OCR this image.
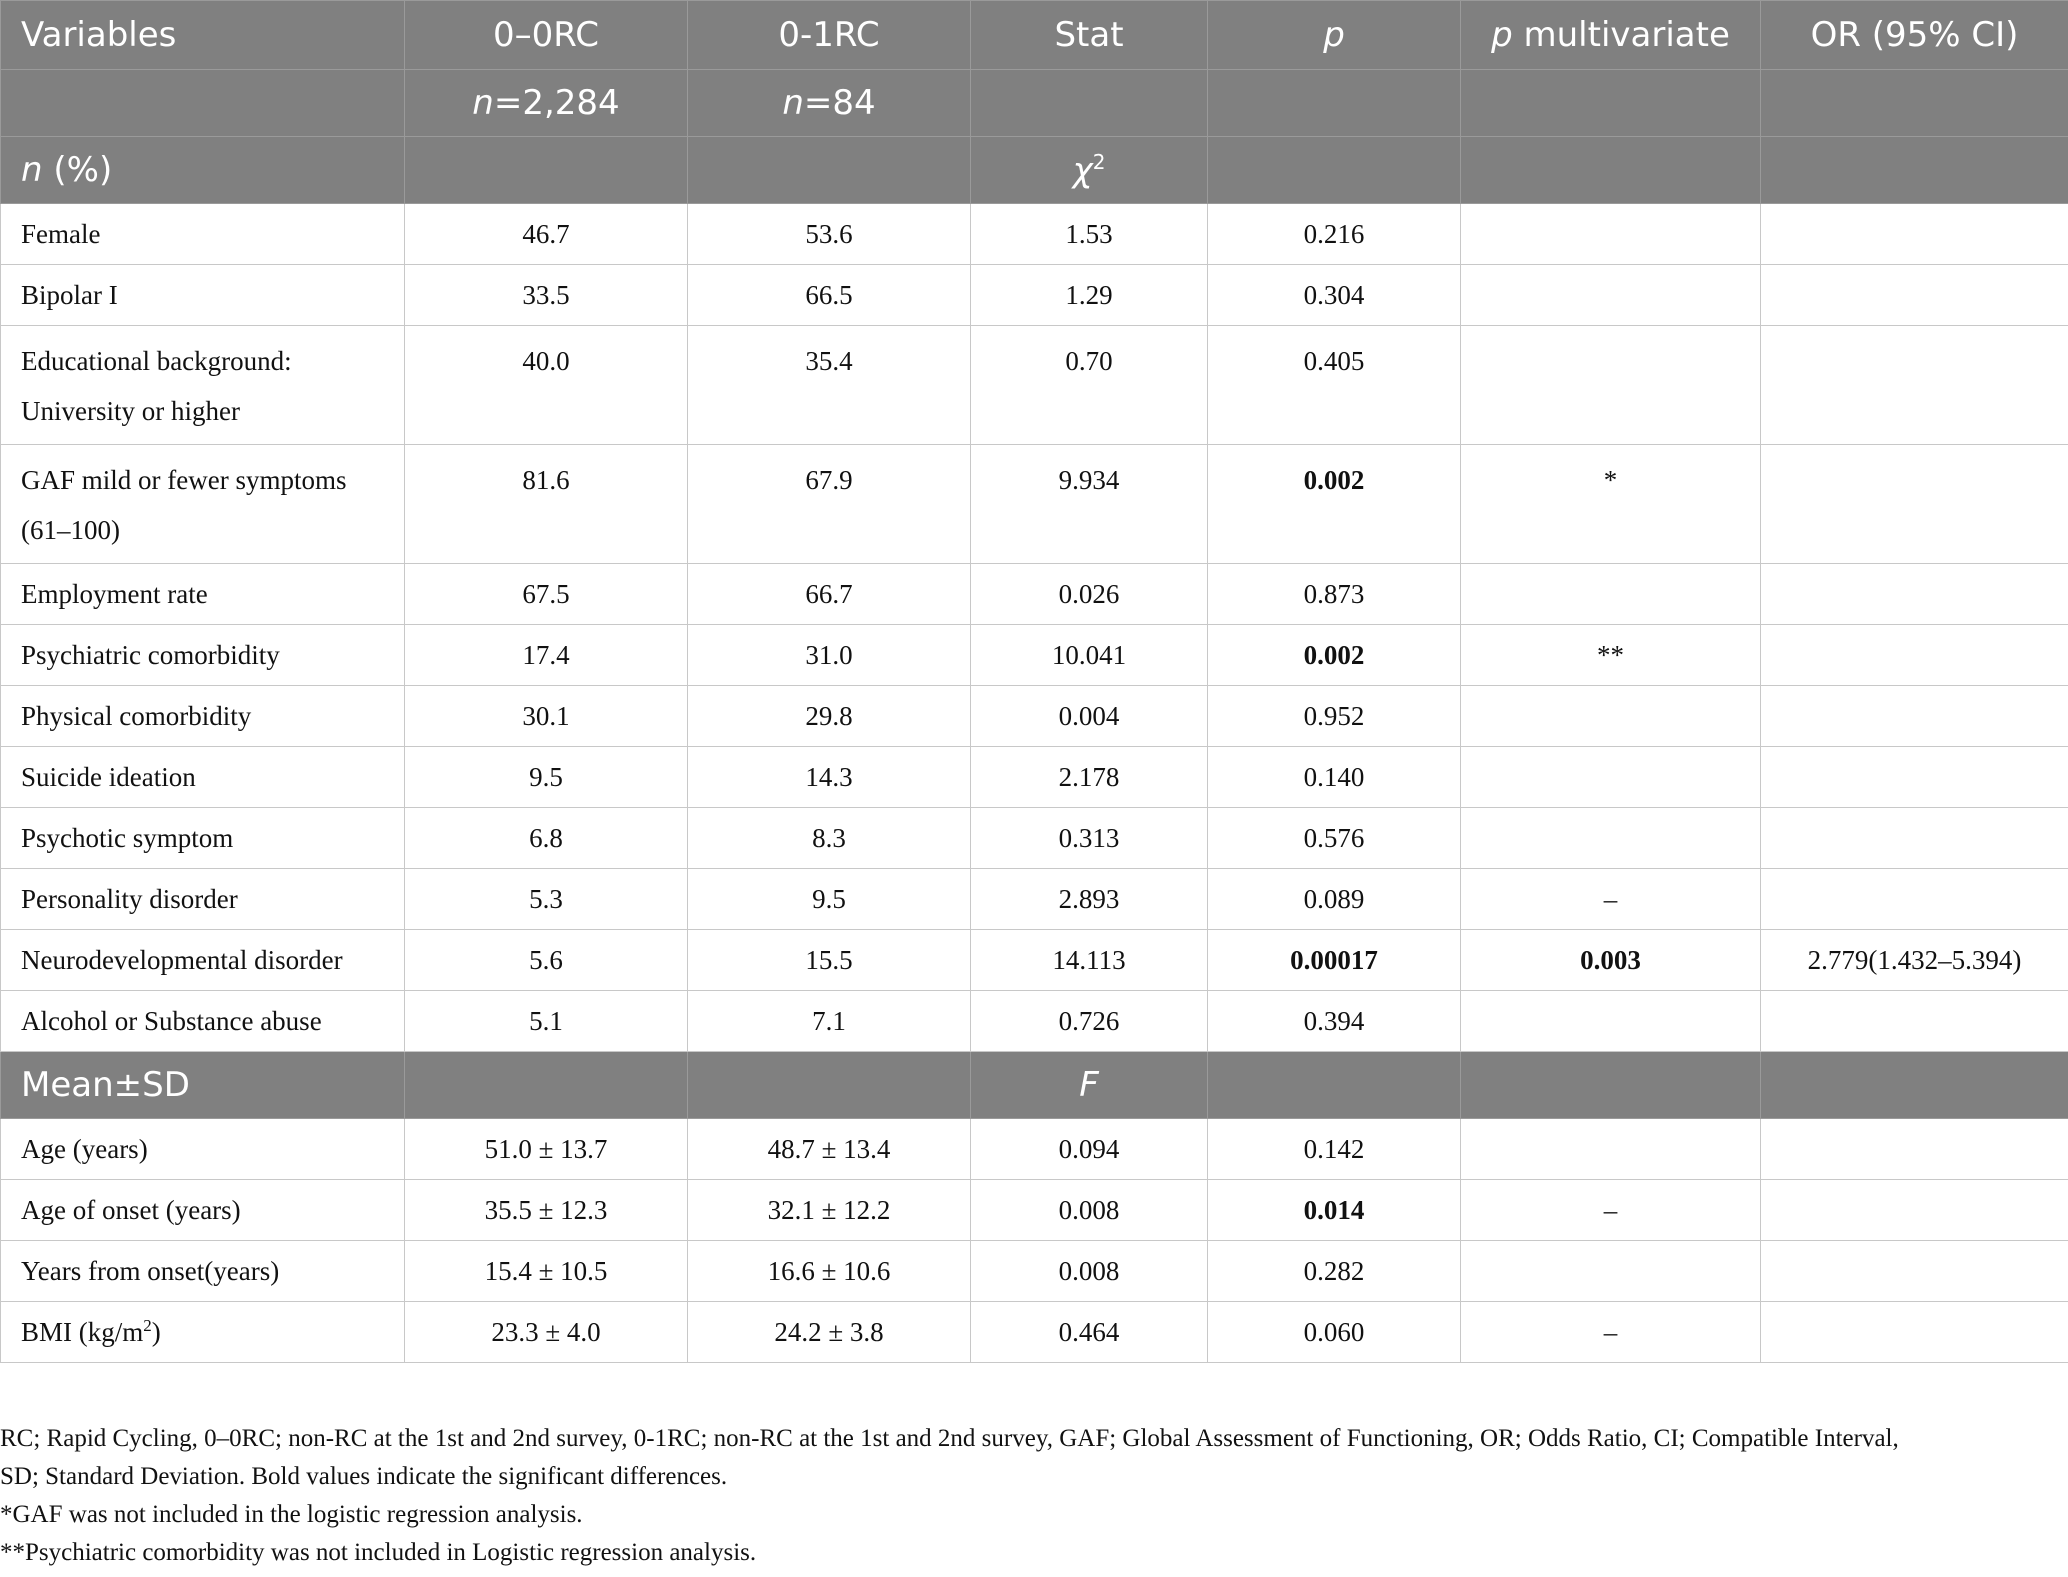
Variables	0–0RC	0-1RC	Stat	p	p multivariate	OR (95% CI)
	n=2,284	n=84				
n (%)			$\chi^2$			
Female	46.7	53.6	1.53	0.216		
Bipolar I	33.5	66.5	1.29	0.304		
Educational background:
University or higher	40.0	35.4	0.70	0.405		
GAF mild or fewer symptoms
(61–100)	81.6	67.9	9.934	0.002	*	
Employment rate	67.5	66.7	0.026	0.873		
Psychiatric comorbidity	17.4	31.0	10.041	0.002	**	
Physical comorbidity	30.1	29.8	0.004	0.952		
Suicide ideation	9.5	14.3	2.178	0.140		
Psychotic symptom	6.8	8.3	0.313	0.576		
Personality disorder	5.3	9.5	2.893	0.089	–	
Neurodevelopmental disorder	5.6	15.5	14.113	0.00017	0.003	2.779(1.432–5.394)
Alcohol or Substance abuse	5.1	7.1	0.726	0.394		
Mean±SD			F			
Age (years)	51.0 ± 13.7	48.7 ± 13.4	0.094	0.142		
Age of onset (years)	35.5 ± 12.3	32.1 ± 12.2	0.008	0.014	–	
Years from onset(years)	15.4 ± 10.5	16.6 ± 10.6	0.008	0.282		
BMI $(kg/m^2)$	23.3 ± 4.0	24.2 ± 3.8	0.464	0.060	–	

RC; Rapid Cycling, 0–0RC; non-RC at the 1st and 2nd survey, 0-1RC; non-RC at the 1st and 2nd survey, GAF; Global Assessment of Functioning, OR; Odds Ratio, CI; Compatible Interval,

SD; Standard Deviation. Bold values indicate the significant differences.

*GAF was not included in the logistic regression analysis.

**Psychiatric comorbidity was not included in Logistic regression analysis.
